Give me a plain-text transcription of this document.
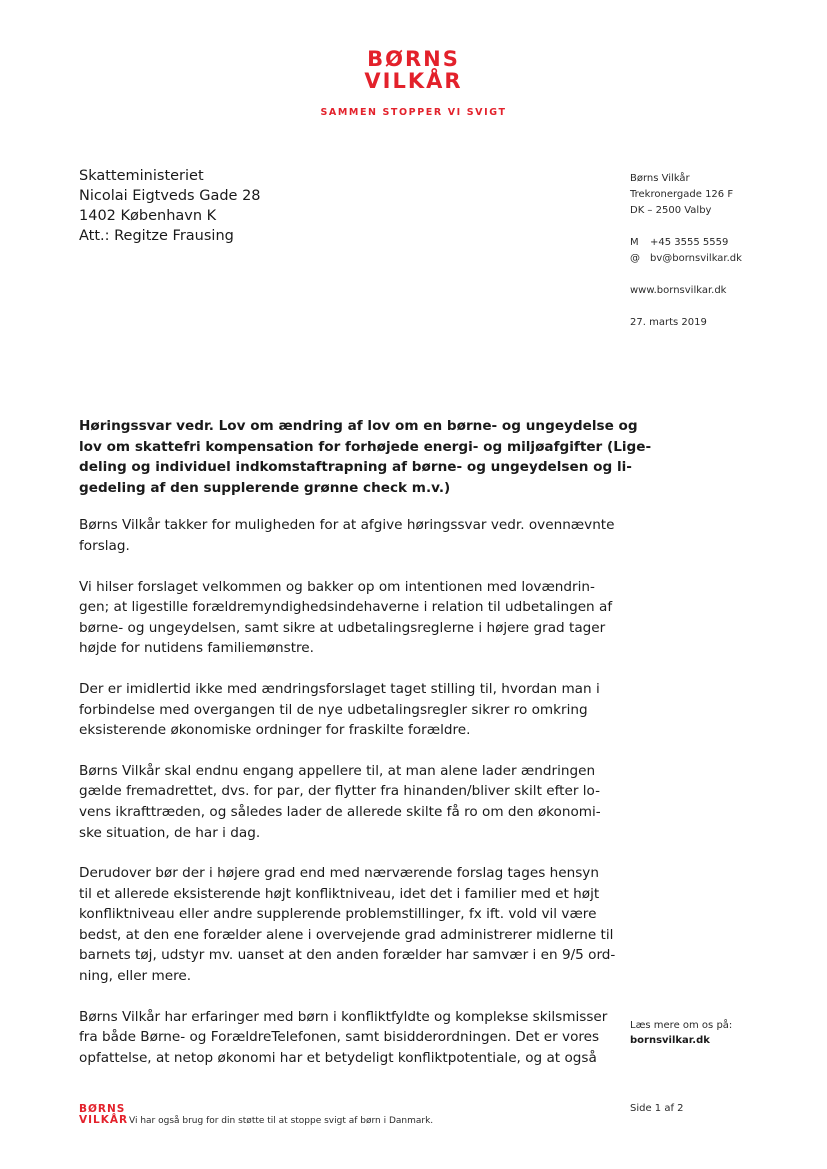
BØRNS
VILKÅR
SAMMEN STOPPER VI SVIGT
Skatteministeriet
Nicolai Eigtveds Gade 28
1402 København K
Att.: Regitze Frausing
Børns Vilkår
Trekronergade 126 F
DK – 2500 Valby
M +45 3555 5559
@ bv@bornsvilkar.dk
www.bornsvilkar.dk
27. marts 2019
Høringssvar vedr. Lov om ændring af lov om en børne- og ungeydelse og
lov om skattefri kompensation for forhøjede energi- og miljøafgifter (Lige-
deling og individuel indkomstaftrapning af børne- og ungeydelsen og li-
gedeling af den supplerende grønne check m.v.)

Børns Vilkår takker for muligheden for at afgive høringssvar vedr. ovennævnte
forslag.

Vi hilser forslaget velkommen og bakker op om intentionen med lovændrin-
gen; at ligestille forældremyndighedsindehaverne i relation til udbetalingen af
børne- og ungeydelsen, samt sikre at udbetalingsreglerne i højere grad tager
højde for nutidens familiemønstre.

Der er imidlertid ikke med ændringsforslaget taget stilling til, hvordan man i
forbindelse med overgangen til de nye udbetalingsregler sikrer ro omkring
eksisterende økonomiske ordninger for fraskilte forældre.

Børns Vilkår skal endnu engang appellere til, at man alene lader ændringen
gælde fremadrettet, dvs. for par, der flytter fra hinanden/bliver skilt efter lo-
vens ikrafttræden, og således lader de allerede skilte få ro om den økonomi-
ske situation, de har i dag.

Derudover bør der i højere grad end med nærværende forslag tages hensyn
til et allerede eksisterende højt konfliktniveau, idet det i familier med et højt
konfliktniveau eller andre supplerende problemstillinger, fx ift. vold vil være
bedst, at den ene forælder alene i overvejende grad administrerer midlerne til
barnets tøj, udstyr mv. uanset at den anden forælder har samvær i en 9/5 ord-
ning, eller mere.

Børns Vilkår har erfaringer med børn i konfliktfyldte og komplekse skilsmisser
fra både Børne- og ForældreTelefonen, samt bisidderordningen. Det er vores
opfattelse, at netop økonomi har et betydeligt konfliktpotentiale, og at også

Læs mere om os på:
bornsvilkar.dk
BØRNS
VILKÅR Vi har også brug for din støtte til at stoppe svigt af børn i Danmark.
Side 1 af 2
